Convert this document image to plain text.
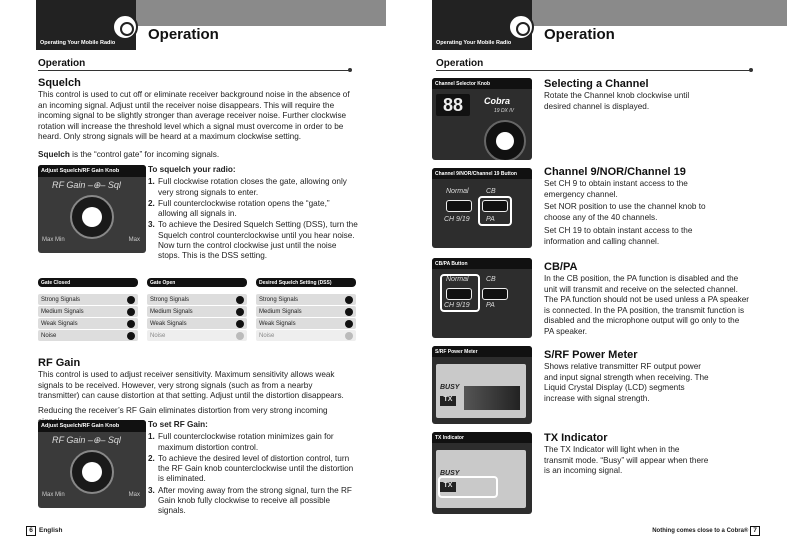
Operating Your Mobile Radio Operation
Operation
Squelch
This control is used to cut off or eliminate receiver background noise in the absence of an incoming signal. Adjust until the receiver noise disappears. This will require the incoming signal to be slightly stronger than average receiver noise. Further clockwise rotation will increase the threshold level which a signal must overcome in order to be heard. Only strong signals will be heard at a maximum clockwise setting.
Squelch is the “control gate” for incoming signals.
Adjust Squelch/RF Gain Knob
RF Gain –⊕– Sql
Max Min	Max
To squelch your radio:
1. Full clockwise rotation closes the gate, allowing only very strong signals to enter.
2. Full counterclockwise rotation opens the “gate,” allowing all signals in.
3. To achieve the Desired Squelch Setting (DSS), turn the Squelch control counterclockwise until you hear noise. Now turn the control clockwise just until the noise stops. This is the DSS setting.
Gate Closed
Strong Signals
Medium Signals
Weak Signals
Noise
Gate Open
Strong Signals
Medium Signals
Weak Signals
Noise
Desired Squelch Setting (DSS)
Strong Signals
Medium Signals
Weak Signals
Noise
RF Gain
This control is used to adjust receiver sensitivity. Maximum sensitivity allows weak signals to be received. However, very strong signals (such as from a nearby transmitter) can cause distortion at that setting. Adjust until the distortion disappears.
Reducing the receiver’s RF Gain eliminates distortion from very strong incoming
Adjust Squelch/RF Gain Knob
RF Gain –⊕– Sql
Max Min	Max
To set RF Gain:
1. Full counterclockwise rotation minimizes gain for maximum distortion control.
2. To achieve the desired level of distortion control, turn the RF Gain knob counterclockwise until the distortion is eliminated.
3. After moving away from the strong signal, turn the RF Gain knob fully clockwise to receive all possible signals.
6 English
Operating Your Mobile Radio Operation
Operation
Channel Selector Knob
88	Cobra
19 DX IV
Selecting a Channel
Rotate the Channel knob clockwise until desired channel is displayed.
Channel 9/NOR/Channel 19 Button
Normal CB
CH 9/19 PA
Channel 9/NOR/Channel 19
Set CH 9 to obtain instant access to the emergency channel.
Set NOR position to use the channel knob to choose any of the 40 channels.
Set CH 19 to obtain instant access to the information and calling channel.
CB/PA Button
Normal CB
CH 9/19 PA
CB/PA
In the CB position, the PA function is disabled and the unit will transmit and receive on the selected channel. The PA function should not be used unless a PA speaker is connected. In the PA position, the transmit function is disabled and the microphone output will go only to the PA speaker.
S/RF Power Meter
BUSY
TX
S/RF Power Meter
Shows relative transmitter RF output power and input signal strength when receiving. The Liquid Crystal Display (LCD) segments increase with signal strength.
TX Indicator
BUSY
TX
TX Indicator
The TX Indicator will light when in the transmit mode. “Busy” will appear when there is an incoming signal.
Nothing comes close to a Cobra® 7
